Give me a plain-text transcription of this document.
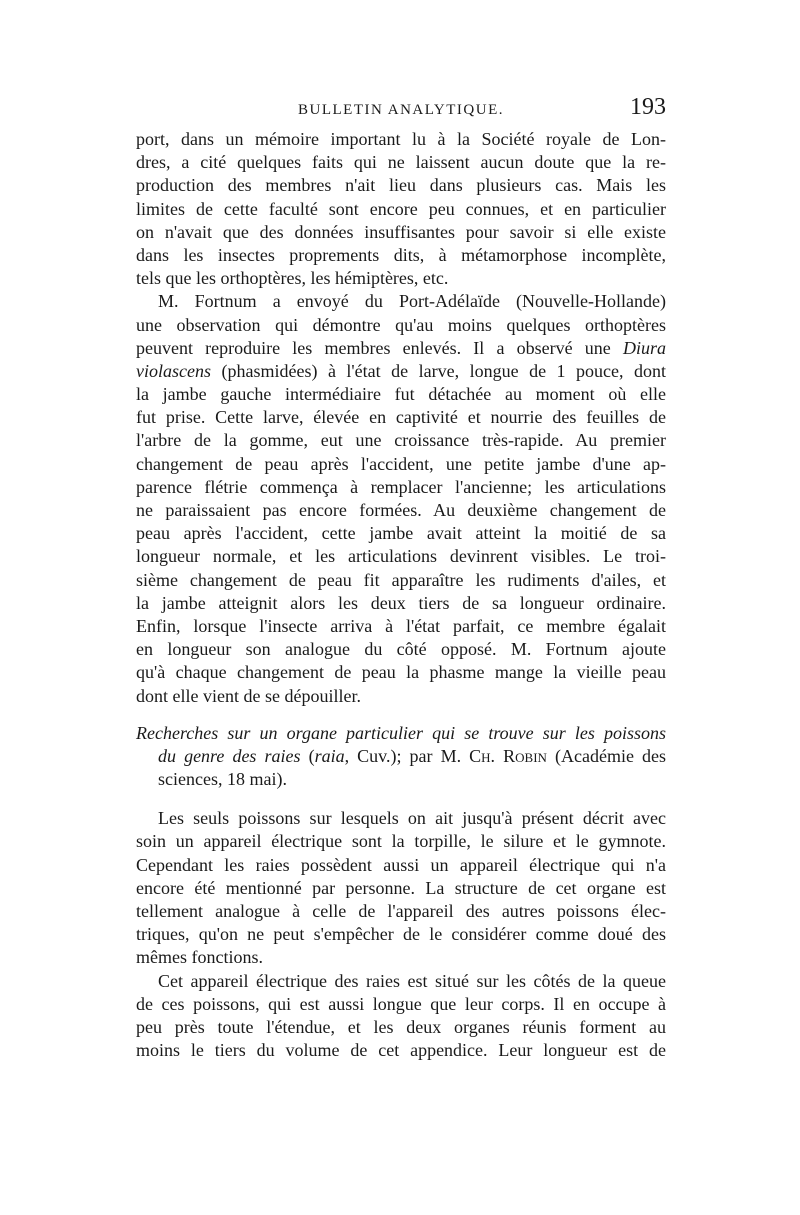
BULLETIN ANALYTIQUE.	193
port, dans un mémoire important lu à la Société royale de Lon-
dres, a cité quelques faits qui ne laissent aucun doute que la re-
production des membres n'ait lieu dans plusieurs cas. Mais les
limites de cette faculté sont encore peu connues, et en particulier
on n'avait que des données insuffisantes pour savoir si elle existe
dans les insectes proprements dits, à métamorphose incomplète,
tels que les orthoptères, les hémiptères, etc.
M. Fortnum a envoyé du Port-Adélaïde (Nouvelle-Hollande)
une observation qui démontre qu'au moins quelques orthoptères
peuvent reproduire les membres enlevés. Il a observé une Diura
violascens (phasmidées) à l'état de larve, longue de 1 pouce, dont
la jambe gauche intermédiaire fut détachée au moment où elle
fut prise. Cette larve, élevée en captivité et nourrie des feuilles de
l'arbre de la gomme, eut une croissance très-rapide. Au premier
changement de peau après l'accident, une petite jambe d'une ap-
parence flétrie commença à remplacer l'ancienne; les articulations
ne paraissaient pas encore formées. Au deuxième changement de
peau après l'accident, cette jambe avait atteint la moitié de sa
longueur normale, et les articulations devinrent visibles. Le troi-
sième changement de peau fit apparaître les rudiments d'ailes, et
la jambe atteignit alors les deux tiers de sa longueur ordinaire.
Enfin, lorsque l'insecte arriva à l'état parfait, ce membre égalait
en longueur son analogue du côté opposé. M. Fortnum ajoute
qu'à chaque changement de peau la phasme mange la vieille peau
dont elle vient de se dépouiller.
Recherches sur un organe particulier qui se trouve sur les poissons
du genre des raies (raia, Cuv.); par M. Ch. Robin (Académie des
sciences, 18 mai).
Les seuls poissons sur lesquels on ait jusqu'à présent décrit avec
soin un appareil électrique sont la torpille, le silure et le gymnote.
Cependant les raies possèdent aussi un appareil électrique qui n'a
encore été mentionné par personne. La structure de cet organe est
tellement analogue à celle de l'appareil des autres poissons élec-
triques, qu'on ne peut s'empêcher de le considérer comme doué des
mêmes fonctions.
Cet appareil électrique des raies est situé sur les côtés de la queue
de ces poissons, qui est aussi longue que leur corps. Il en occupe à
peu près toute l'étendue, et les deux organes réunis forment au
moins le tiers du volume de cet appendice. Leur longueur est de
